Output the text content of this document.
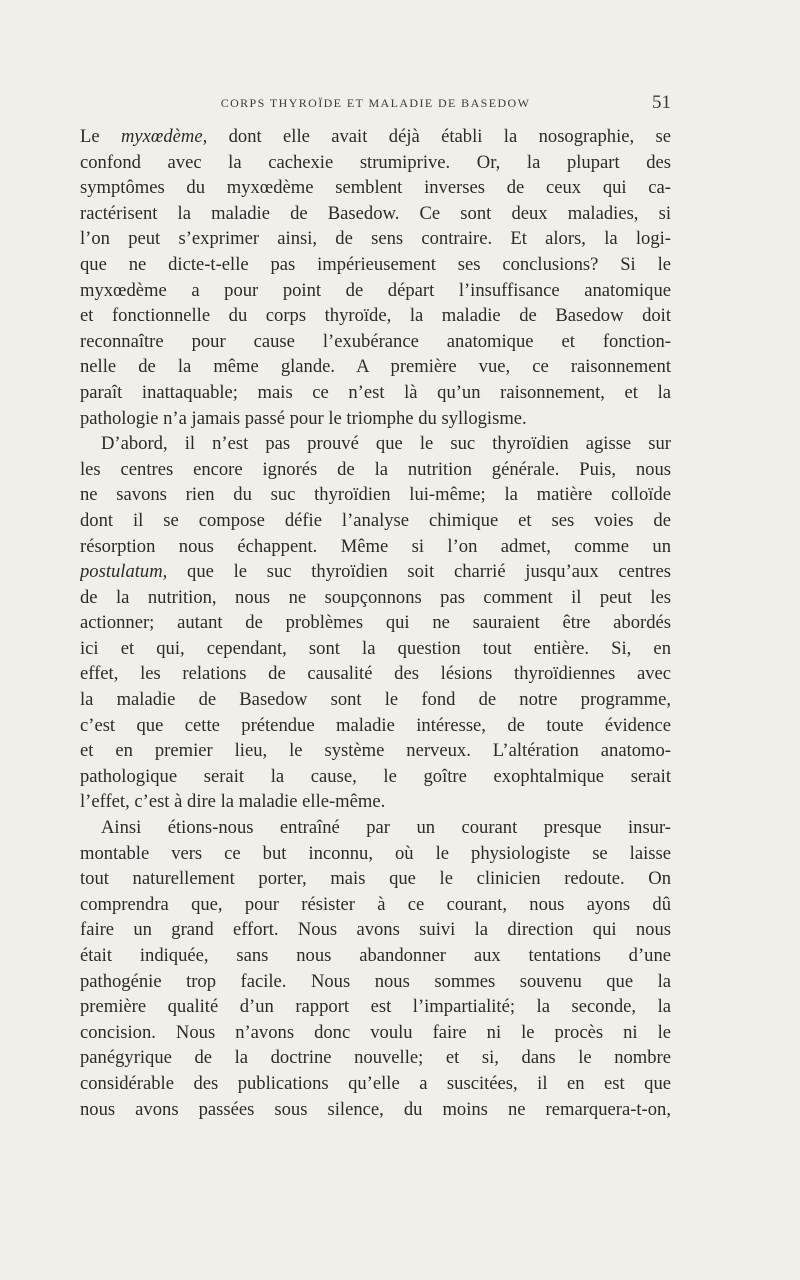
CORPS THYROÏDE ET MALADIE DE BASEDOW	51
Le myxœdème, dont elle avait déjà établi la nosographie, se
confond avec la cachexie strumiprive. Or, la plupart des
symptômes du myxœdème semblent inverses de ceux qui ca-
ractérisent la maladie de Basedow. Ce sont deux maladies, si
l’on peut s’exprimer ainsi, de sens contraire. Et alors, la logi-
que ne dicte-t-elle pas impérieusement ses conclusions? Si le
myxœdème a pour point de départ l’insuffisance anatomique
et fonctionnelle du corps thyroïde, la maladie de Basedow doit
reconnaître pour cause l’exubérance anatomique et fonction-
nelle de la même glande. A première vue, ce raisonnement
paraît inattaquable; mais ce n’est là qu’un raisonnement, et la
pathologie n’a jamais passé pour le triomphe du syllogisme.
D’abord, il n’est pas prouvé que le suc thyroïdien agisse sur
les centres encore ignorés de la nutrition générale. Puis, nous
ne savons rien du suc thyroïdien lui-même; la matière colloïde
dont il se compose défie l’analyse chimique et ses voies de
résorption nous échappent. Même si l’on admet, comme un
postulatum, que le suc thyroïdien soit charrié jusqu’aux centres
de la nutrition, nous ne soupçonnons pas comment il peut les
actionner; autant de problèmes qui ne sauraient être abordés
ici et qui, cependant, sont la question tout entière. Si, en
effet, les relations de causalité des lésions thyroïdiennes avec
la maladie de Basedow sont le fond de notre programme,
c’est que cette prétendue maladie intéresse, de toute évidence
et en premier lieu, le système nerveux. L’altération anatomo-
pathologique serait la cause, le goître exophtalmique serait
l’effet, c’est à dire la maladie elle-même.
Ainsi étions-nous entraîné par un courant presque insur-
montable vers ce but inconnu, où le physiologiste se laisse
tout naturellement porter, mais que le clinicien redoute. On
comprendra que, pour résister à ce courant, nous ayons dû
faire un grand effort. Nous avons suivi la direction qui nous
était indiquée, sans nous abandonner aux tentations d’une
pathogénie trop facile. Nous nous sommes souvenu que la
première qualité d’un rapport est l’impartialité; la seconde, la
concision. Nous n’avons donc voulu faire ni le procès ni le
panégyrique de la doctrine nouvelle; et si, dans le nombre
considérable des publications qu’elle a suscitées, il en est que
nous avons passées sous silence, du moins ne remarquera-t-on,
